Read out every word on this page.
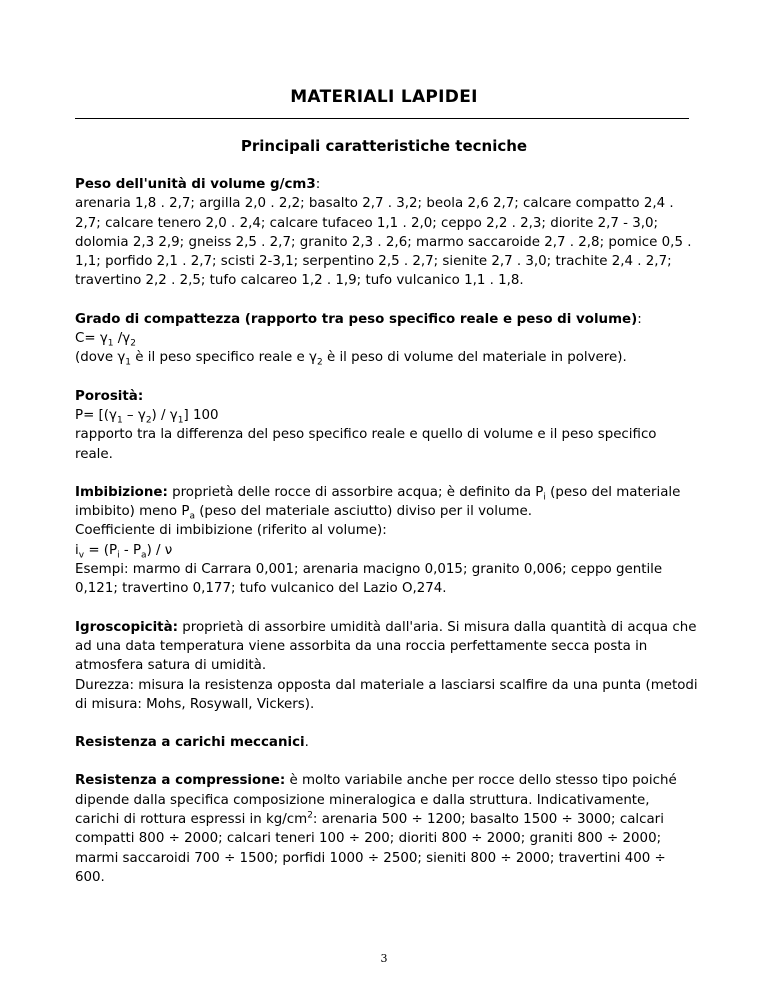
MATERIALI LAPIDEI
Principali caratteristiche tecniche

Peso dell'unità di volume g/cm3:
arenaria 1,8 . 2,7; argilla 2,0 . 2,2; basalto 2,7 . 3,2; beola 2,6 2,7; calcare compatto 2,4 . 2,7; calcare tenero 2,0 . 2,4; calcare tufaceo 1,1 . 2,0; ceppo 2,2 . 2,3; diorite 2,7 - 3,0; dolomia 2,3 2,9; gneiss 2,5 . 2,7; granito 2,3 . 2,6; marmo saccaroide 2,7 . 2,8; pomice 0,5 . 1,1; porfido 2,1 . 2,7; scisti 2-3,1; serpentino 2,5 . 2,7; sienite 2,7 . 3,0; trachite 2,4 . 2,7; travertino 2,2 . 2,5; tufo calcareo 1,2 . 1,9; tufo vulcanico 1,1 . 1,8.

Grado di compattezza (rapporto tra peso specifico reale e peso di volume):
$C= \gamma_1$ $/\gamma_2$
(dove $\gamma_1$ è il peso specifico reale e $\gamma_2$ è il peso di volume del materiale in polvere).

Porosità:
$P= [(\gamma_1 - \gamma_2) / \gamma_1]$ 100
rapporto tra la differenza del peso specifico reale e quello di volume e il peso specifico reale.

Imbibizione: proprietà delle rocce di assorbire acqua; è definito da $P_i$ (peso del materiale imbibito) meno $P_a$ (peso del materiale asciutto) diviso per il volume.
Coefficiente di imbibizione (riferito al volume):
$i_v = (P_i - P_a) / \nu$
Esempi: marmo di Carrara 0,001; arenaria macigno 0,015; granito 0,006; ceppo gentile 0,121; travertino 0,177; tufo vulcanico del Lazio O,274.

Igroscopicità: proprietà di assorbire umidità dall'aria. Si misura dalla quantità di acqua che ad una data temperatura viene assorbita da una roccia perfettamente secca posta in atmosfera satura di umidità.
Durezza: misura la resistenza opposta dal materiale a lasciarsi scalfire da una punta (metodi di misura: Mohs, Rosywall, Vickers).

Resistenza a carichi meccanici.

Resistenza a compressione: è molto variabile anche per rocce dello stesso tipo poiché dipende dalla specifica composizione mineralogica e dalla struttura. Indicativamente, carichi di rottura espressi in $kg/cm^2$: arenaria 500 ÷ 1200; basalto 1500 ÷ 3000; calcari compatti 800 ÷ 2000; calcari teneri 100 ÷ 200; dioriti 800 ÷ 2000; graniti 800 ÷ 2000; marmi saccaroidi 700 ÷ 1500; porfidi 1000 ÷ 2500; sieniti 800 ÷ 2000; travertini 400 ÷ 600.

3
